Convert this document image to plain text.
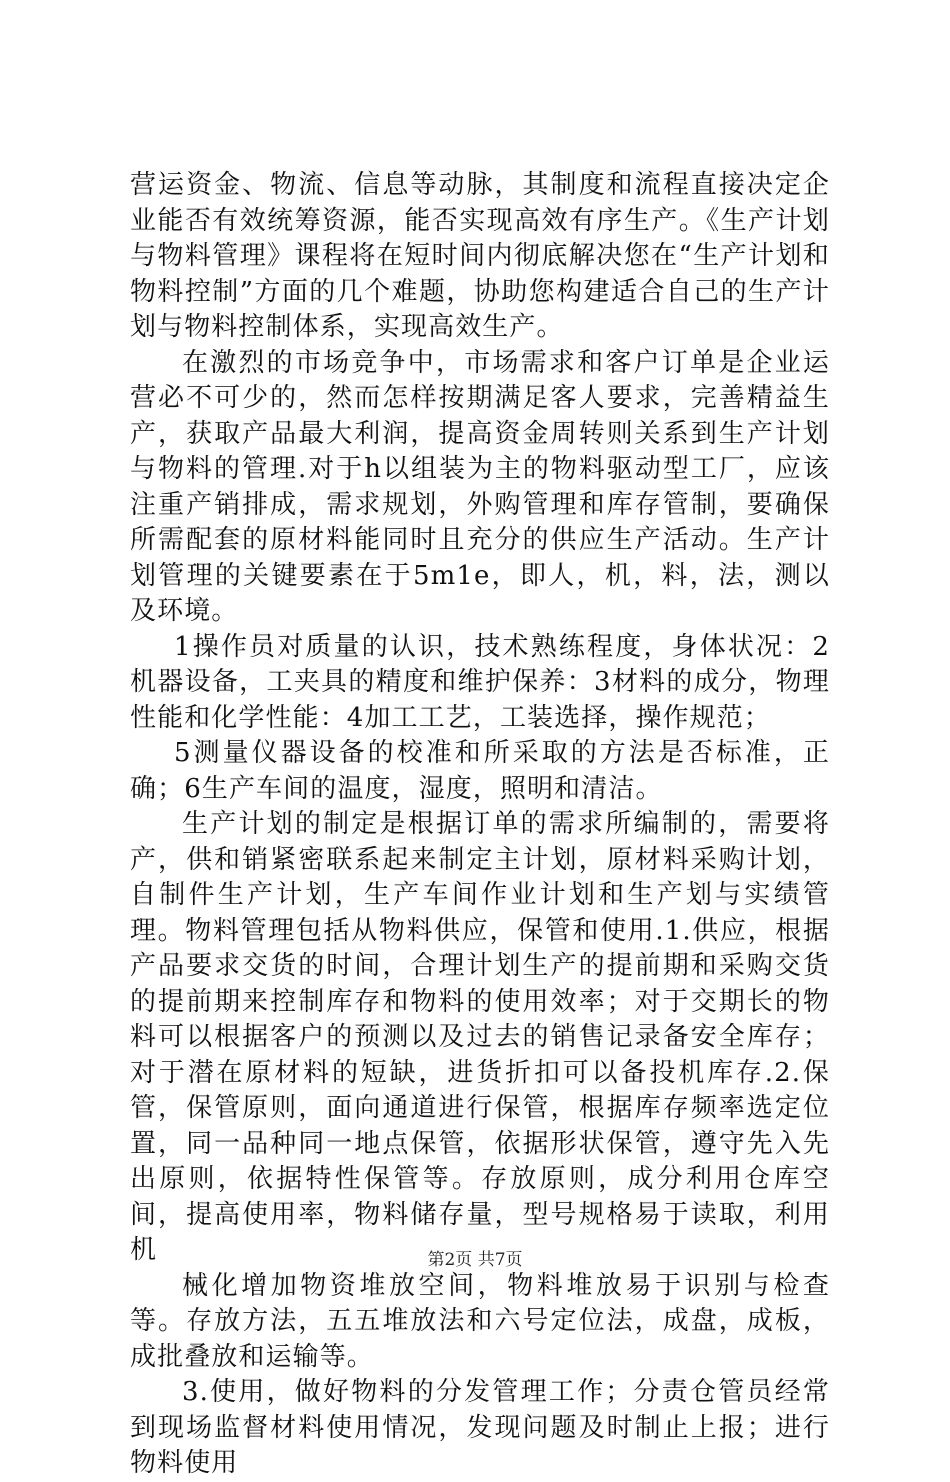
营运资金、物流、信息等动脉，其制度和流程直接决定企业能否有效统筹资源，能否实现高效有序生产。《生产计划与物料管理》课程将在短时间内彻底解决您在“生产计划和物料控制”方面的几个难题，协助您构建适合自己的生产计划与物料控制体系，实现高效生产。

在激烈的市场竞争中，市场需求和客户订单是企业运营必不可少的，然而怎样按期满足客人要求，完善精益生产，获取产品最大利润，提高资金周转则关系到生产计划与物料的管理.对于h以组装为主的物料驱动型工厂，应该注重产销排成，需求规划，外购管理和库存管制，要确保所需配套的原材料能同时且充分的供应生产活动。生产计划管理的关键要素在于5m1e，即人，机，料，法，测以及环境。

1操作员对质量的认识，技术熟练程度，身体状况：2机器设备，工夹具的精度和维护保养：3材料的成分，物理性能和化学性能：4加工工艺，工装选择，操作规范；

5测量仪器设备的校准和所采取的方法是否标准，正确；6生产车间的温度，湿度，照明和清洁。

生产计划的制定是根据订单的需求所编制的，需要将产，供和销紧密联系起来制定主计划，原材料采购计划，自制件生产计划，生产车间作业计划和生产划与实绩管理。物料管理包括从物料供应，保管和使用.1.供应，根据产品要求交货的时间，合理计划生产的提前期和采购交货的提前期来控制库存和物料的使用效率；对于交期长的物料可以根据客户的预测以及过去的销售记录备安全库存；对于潜在原材料的短缺，进货折扣可以备投机库存.2.保管，保管原则，面向通道进行保管，根据库存频率选定位置，同一品种同一地点保管，依据形状保管，遵守先入先出原则，依据特性保管等。存放原则，成分利用仓库空间，提高使用率，物料储存量，型号规格易于读取，利用机

械化增加物资堆放空间，物料堆放易于识别与检查等。存放方法，五五堆放法和六号定位法，成盘，成板，成批叠放和运输等。

3.使用，做好物料的分发管理工作；分责仓管员经常到现场监督材料使用情况，发现问题及时制止上报；进行物料使用

第2页 共7页
